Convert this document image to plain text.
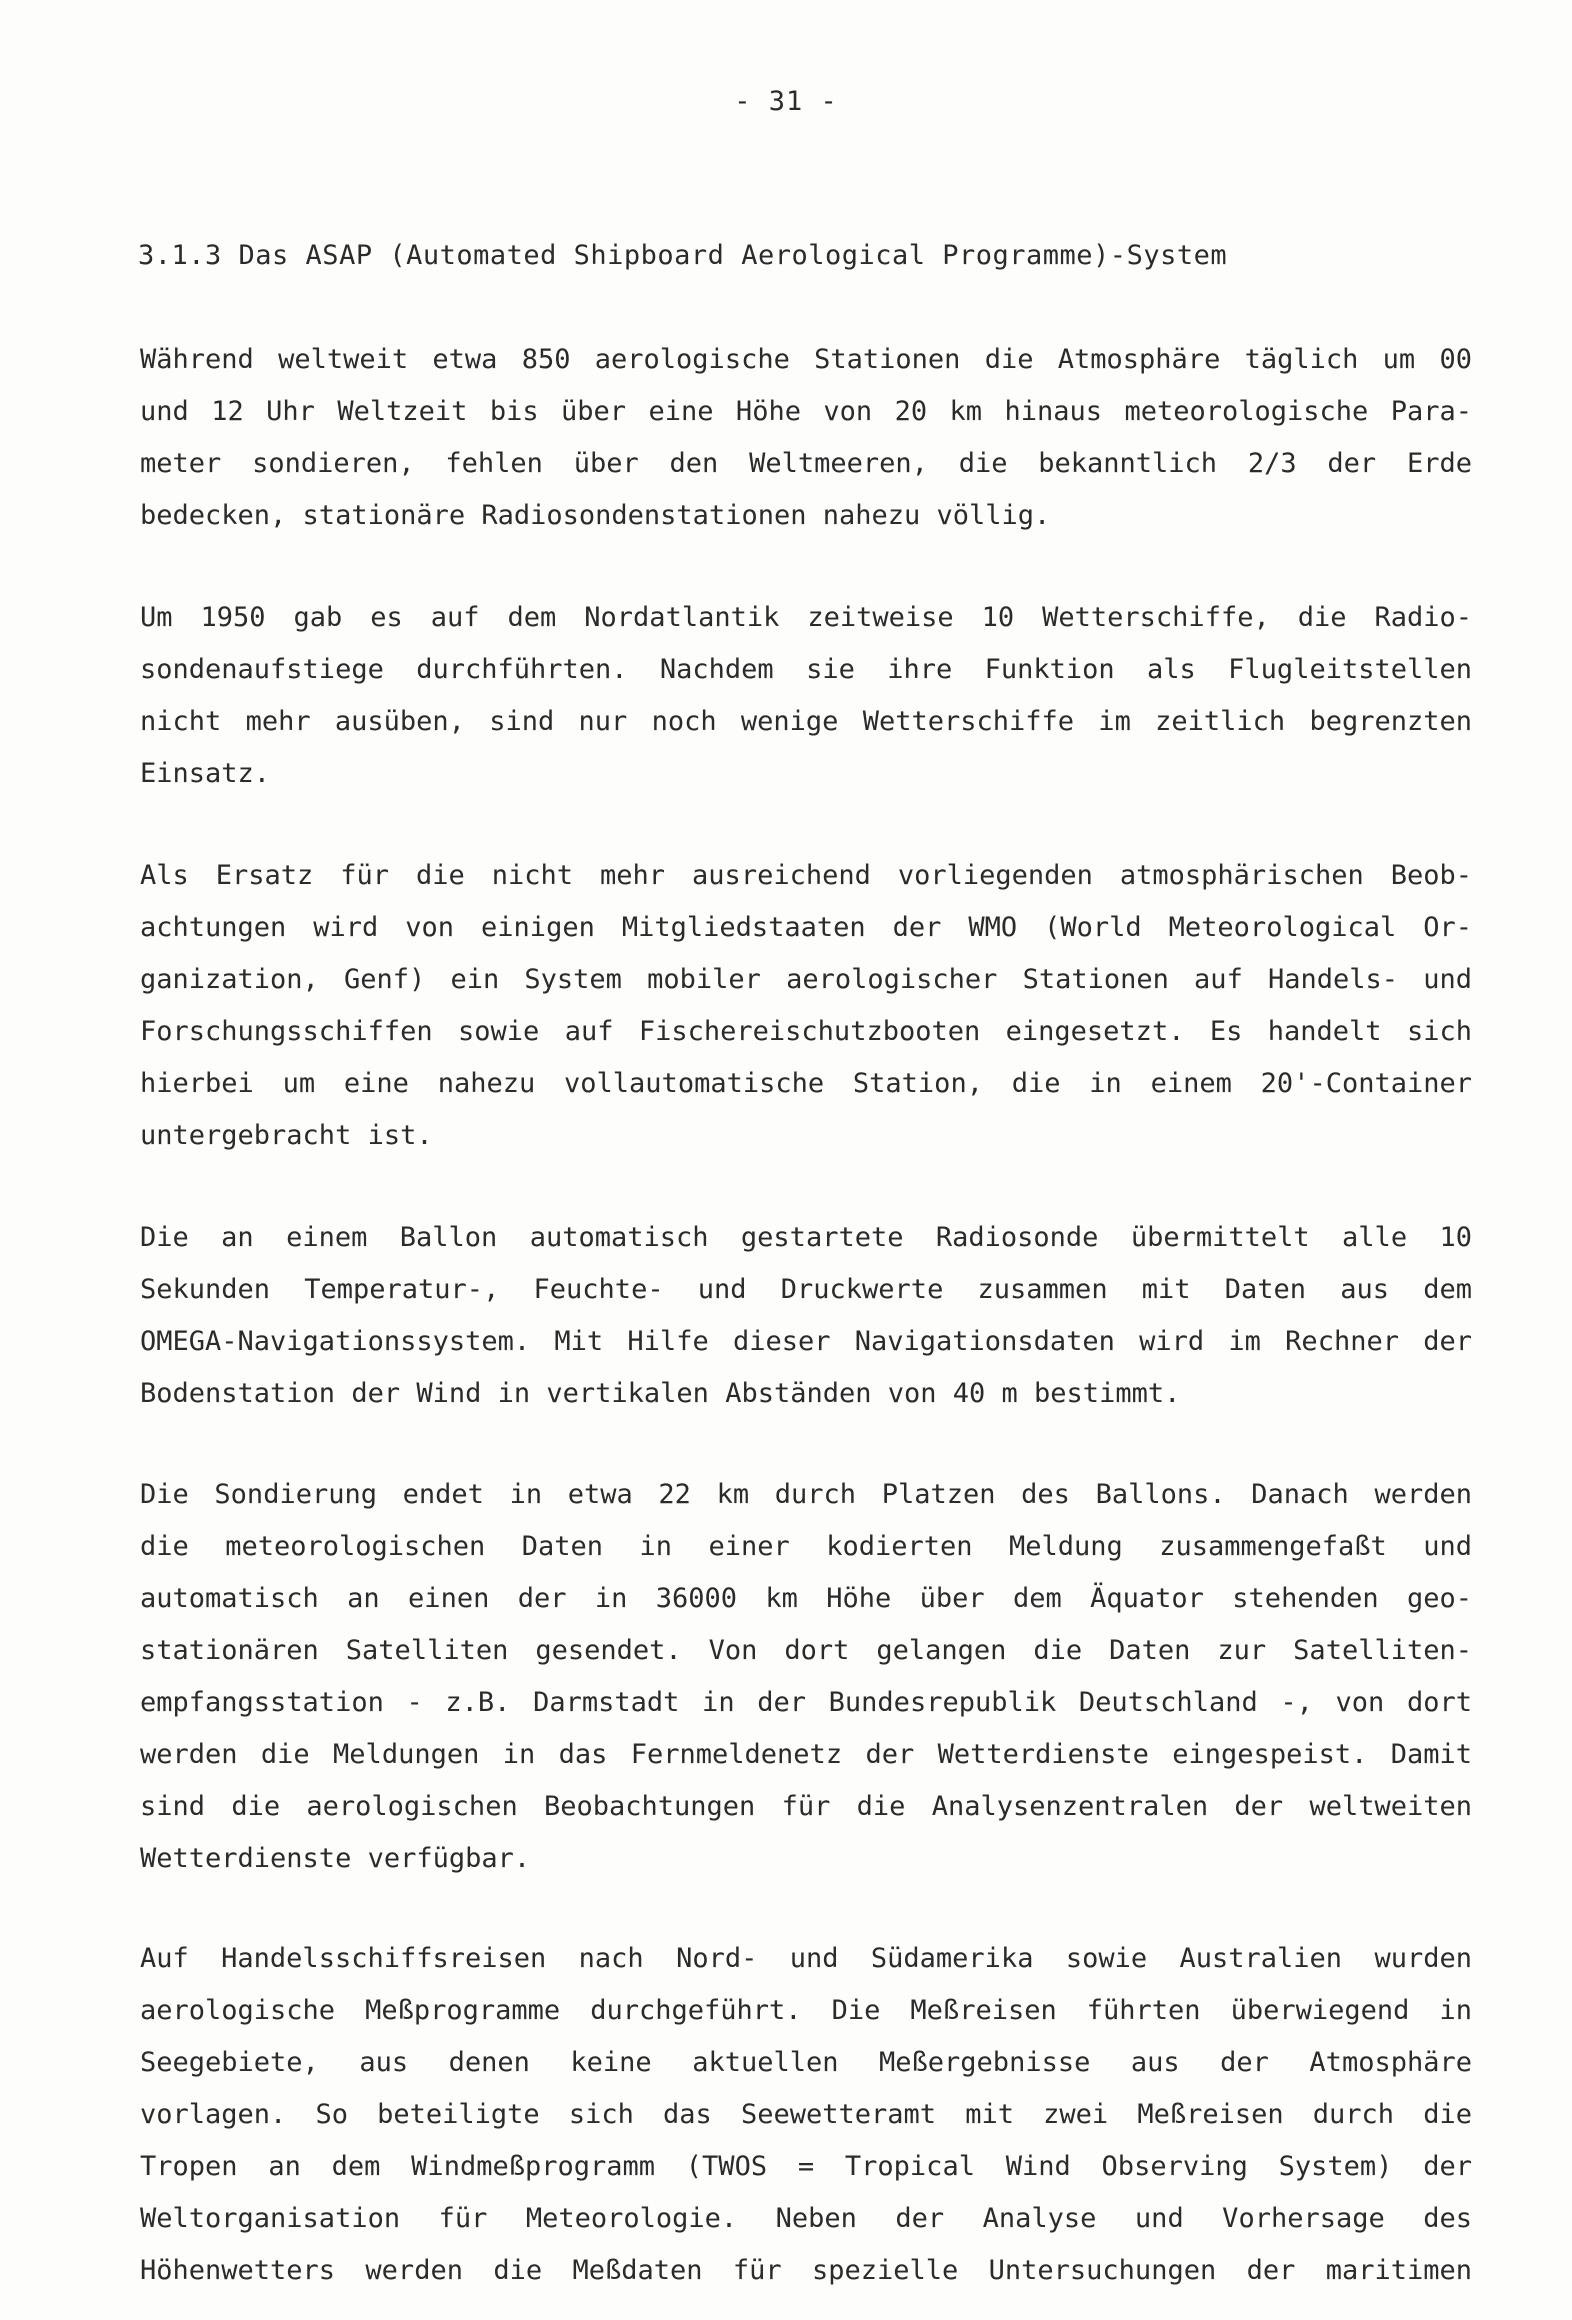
- 31 -
3.1.3 Das ASAP (Automated Shipboard Aerological Programme)-System
Während weltweit etwa 850 aerologische Stationen die Atmosphäre täglich um 00
und 12 Uhr Weltzeit bis über eine Höhe von 20 km hinaus meteorologische Para-
meter sondieren, fehlen über den Weltmeeren, die bekanntlich 2/3 der Erde
bedecken, stationäre Radiosondenstationen nahezu völlig.
Um 1950 gab es auf dem Nordatlantik zeitweise 10 Wetterschiffe, die Radio-
sondenaufstiege durchführten. Nachdem sie ihre Funktion als Flugleitstellen
nicht mehr ausüben, sind nur noch wenige Wetterschiffe im zeitlich begrenzten
Einsatz.
Als Ersatz für die nicht mehr ausreichend vorliegenden atmosphärischen Beob-
achtungen wird von einigen Mitgliedstaaten der WMO (World Meteorological Or-
ganization, Genf) ein System mobiler aerologischer Stationen auf Handels- und
Forschungsschiffen sowie auf Fischereischutzbooten eingesetzt. Es handelt sich
hierbei um eine nahezu vollautomatische Station, die in einem 20'-Container
untergebracht ist.
Die an einem Ballon automatisch gestartete Radiosonde übermittelt alle 10
Sekunden Temperatur-, Feuchte- und Druckwerte zusammen mit Daten aus dem
OMEGA-Navigationssystem. Mit Hilfe dieser Navigationsdaten wird im Rechner der
Bodenstation der Wind in vertikalen Abständen von 40 m bestimmt.
Die Sondierung endet in etwa 22 km durch Platzen des Ballons. Danach werden
die meteorologischen Daten in einer kodierten Meldung zusammengefaßt und
automatisch an einen der in 36000 km Höhe über dem Äquator stehenden geo-
stationären Satelliten gesendet. Von dort gelangen die Daten zur Satelliten-
empfangsstation - z.B. Darmstadt in der Bundesrepublik Deutschland -, von dort
werden die Meldungen in das Fernmeldenetz der Wetterdienste eingespeist. Damit
sind die aerologischen Beobachtungen für die Analysenzentralen der weltweiten
Wetterdienste verfügbar.
Auf Handelsschiffsreisen nach Nord- und Südamerika sowie Australien wurden
aerologische Meßprogramme durchgeführt. Die Meßreisen führten überwiegend in
Seegebiete, aus denen keine aktuellen Meßergebnisse aus der Atmosphäre
vorlagen. So beteiligte sich das Seewetteramt mit zwei Meßreisen durch die
Tropen an dem Windmeßprogramm (TWOS = Tropical Wind Observing System) der
Weltorganisation für Meteorologie. Neben der Analyse und Vorhersage des
Höhenwetters werden die Meßdaten für spezielle Untersuchungen der maritimen
